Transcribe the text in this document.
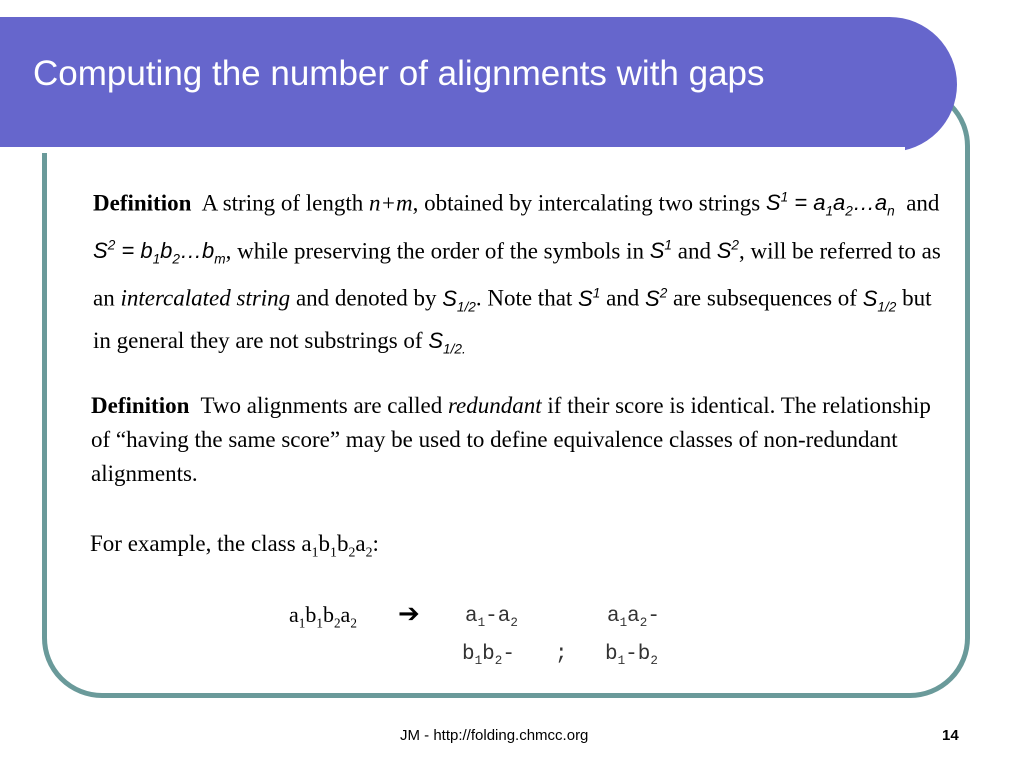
Computing the number of alignments with gaps

Definition A string of length n+m, obtained by intercalating two strings $S^1$ = $a_1a_2\dots a_n$ and $S^2$ = $b_1b_2\dots b_m$, while preserving the order of the symbols in $S^1$ and $S^2$, will be referred to as an intercalated string and denoted by $S_{1/2}$. Note that $S^1$ and $S^2$ are subsequences of $S_{1/2}$ but in general they are not substrings of $S_{1/2.}$

Definition Two alignments are called redundant if their score is identical. The relationship of “having the same score” may be used to define equivalence classes of non-redundant alignments.

For example, the class $a_1b_1b_2a_2$:

$a_1b_1b_2a_2$ ➔ $a_1-a_2$
$b_1b_2-$ ;
$a_1a_2-$
$b_1-b_2$
JM - http://folding.chmcc.org	14
